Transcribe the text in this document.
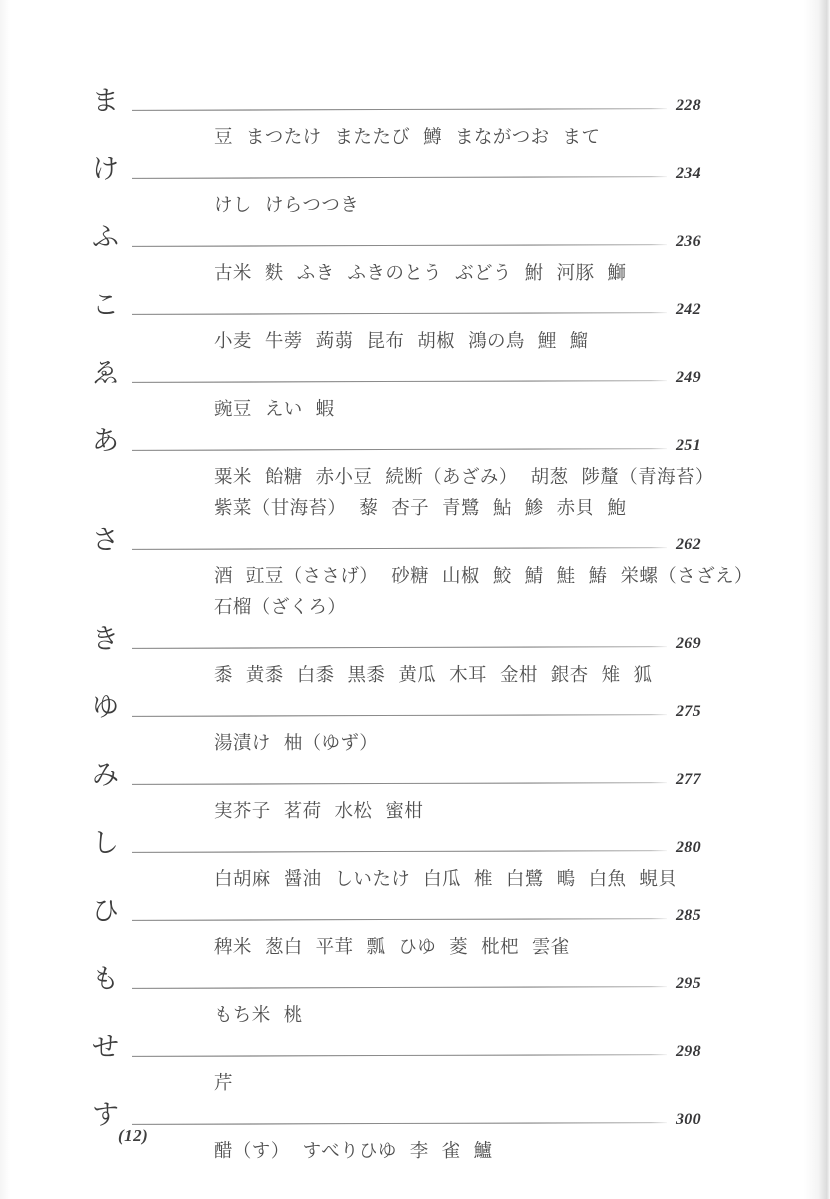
ま	228
豆 まつたけ またたび 鱒 まながつお まて
け	234
けし けらつつき
ふ	236
古米 麩 ふき ふきのとう ぶどう 鮒 河豚 鰤
こ	242
小麦 牛蒡 蒟蒻 昆布 胡椒 鴻の鳥 鯉 鰡
ゑ	249
豌豆 えい 蝦
あ	251
粟米 飴糖 赤小豆 続断（あざみ） 胡葱 陟釐（青海苔）
紫菜（甘海苔） 藜 杏子 青鷺 鮎 鯵 赤貝 鮑
さ	262
酒 豇豆（ささげ） 砂糖 山椒 鮫 鯖 鮭 鰆 栄螺（さざえ）
石榴（ざくろ）
き	269
黍 黄黍 白黍 黒黍 黄瓜 木耳 金柑 銀杏 雉 狐
ゆ	275
湯漬け 柚（ゆず）
み	277
実芥子 茗荷 水松 蜜柑
し	280
白胡麻 醤油 しいたけ 白瓜 椎 白鷺 鴫 白魚 蜆貝
ひ	285
稗米 葱白 平茸 瓢 ひゆ 菱 枇杷 雲雀
も	295
もち米 桃
せ	298
芹
す	300
醋（す） すべりひゆ 李 雀 鱸
(12)
